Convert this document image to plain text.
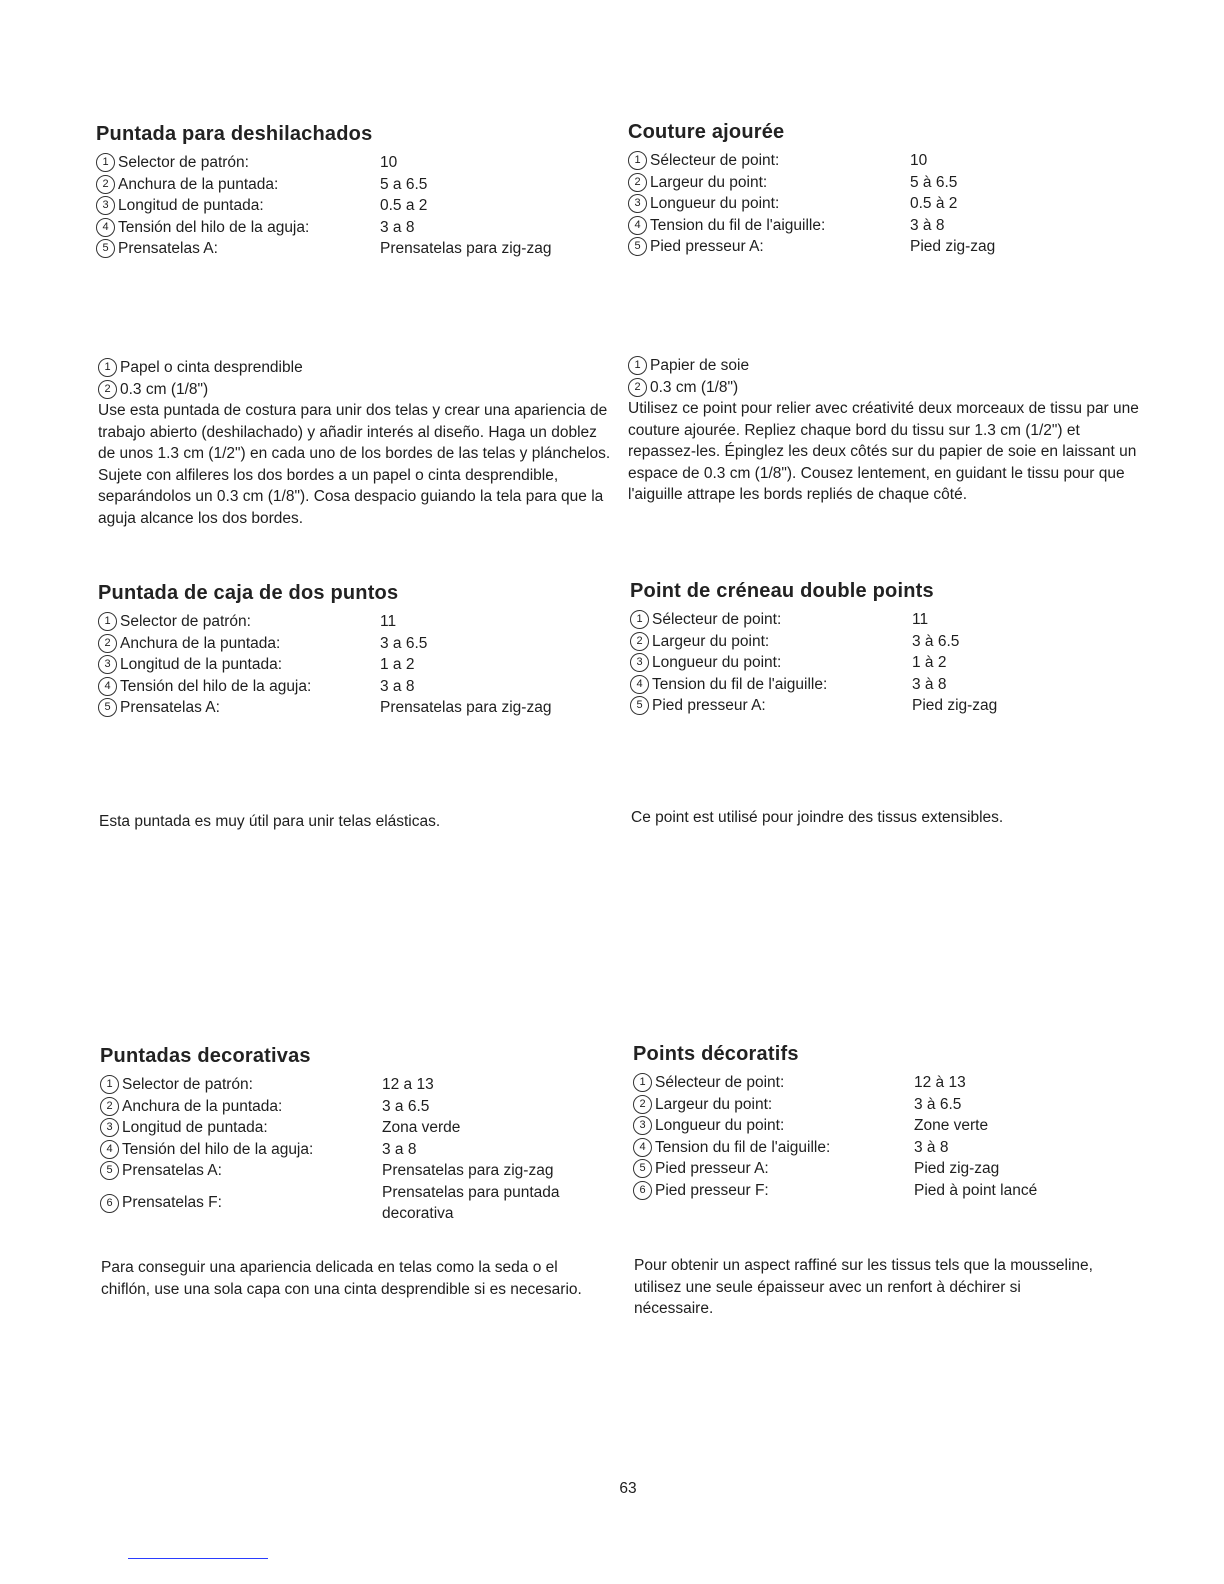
Puntada para deshilachados
1 Selector de patrón:	10
2 Anchura de la puntada:	5 a 6.5
3 Longitud de puntada:	0.5 a 2
4 Tensión del hilo de la aguja:	3 a 8
5 Prensatelas A:	Prensatelas para zig-zag
1 Papel o cinta desprendible
2 0.3 cm (1/8")

Use esta puntada de costura para unir dos telas y crear una apariencia de trabajo abierto (deshilachado) y añadir interés al diseño. Haga un doblez de unos 1.3 cm (1/2") en cada uno de los bordes de las telas y plánchelos. Sujete con alfileres los dos bordes a un papel o cinta desprendible, separándolos un 0.3 cm (1/8"). Cosa despacio guiando la tela para que la aguja alcance los dos bordes.

Couture ajourée
1 Sélecteur de point:	10
2 Largeur du point:	5 à 6.5
3 Longueur du point:	0.5 à 2
4 Tension du fil de l'aiguille:	3 à 8
5 Pied presseur A:	Pied zig-zag
1 Papier de soie
2 0.3 cm (1/8")

Utilisez ce point pour relier avec créativité deux morceaux de tissu par une couture ajourée. Repliez chaque bord du tissu sur 1.3 cm (1/2") et repassez-les. Épinglez les deux côtés sur du papier de soie en laissant un espace de 0.3 cm (1/8"). Cousez lentement, en guidant le tissu pour que l'aiguille attrape les bords repliés de chaque côté.

Puntada de caja de dos puntos
1 Selector de patrón:	11
2 Anchura de la puntada:	3 a 6.5
3 Longitud de la puntada:	1 a 2
4 Tensión del hilo de la aguja:	3 a 8
5 Prensatelas A:	Prensatelas para zig-zag

Esta puntada es muy útil para unir telas elásticas.

Point de créneau double points
1 Sélecteur de point:	11
2 Largeur du point:	3 à 6.5
3 Longueur du point:	1 à 2
4 Tension du fil de l'aiguille:	3 à 8
5 Pied presseur A:	Pied zig-zag

Ce point est utilisé pour joindre des tissus extensibles.

Puntadas decorativas
1 Selector de patrón:	12 a 13
2 Anchura de la puntada:	3 a 6.5
3 Longitud de puntada:	Zona verde
4 Tensión del hilo de la aguja:	3 a 8
5 Prensatelas A:	Prensatelas para zig-zag
6 Prensatelas F:
Prensatelas para puntada
decorativa

Para conseguir una apariencia delicada en telas como la seda o el chiflón, use una sola capa con una cinta desprendible si es necesario.

Points décoratifs
1 Sélecteur de point:	12 à 13
2 Largeur du point:	3 à 6.5
3 Longueur du point:	Zone verte
4 Tension du fil de l'aiguille:	3 à 8
5 Pied presseur A:	Pied zig-zag
6 Pied presseur F:	Pied à point lancé

Pour obtenir un aspect raffiné sur les tissus tels que la mousseline, utilisez une seule épaisseur avec un renfort à déchirer si nécessaire.

63
